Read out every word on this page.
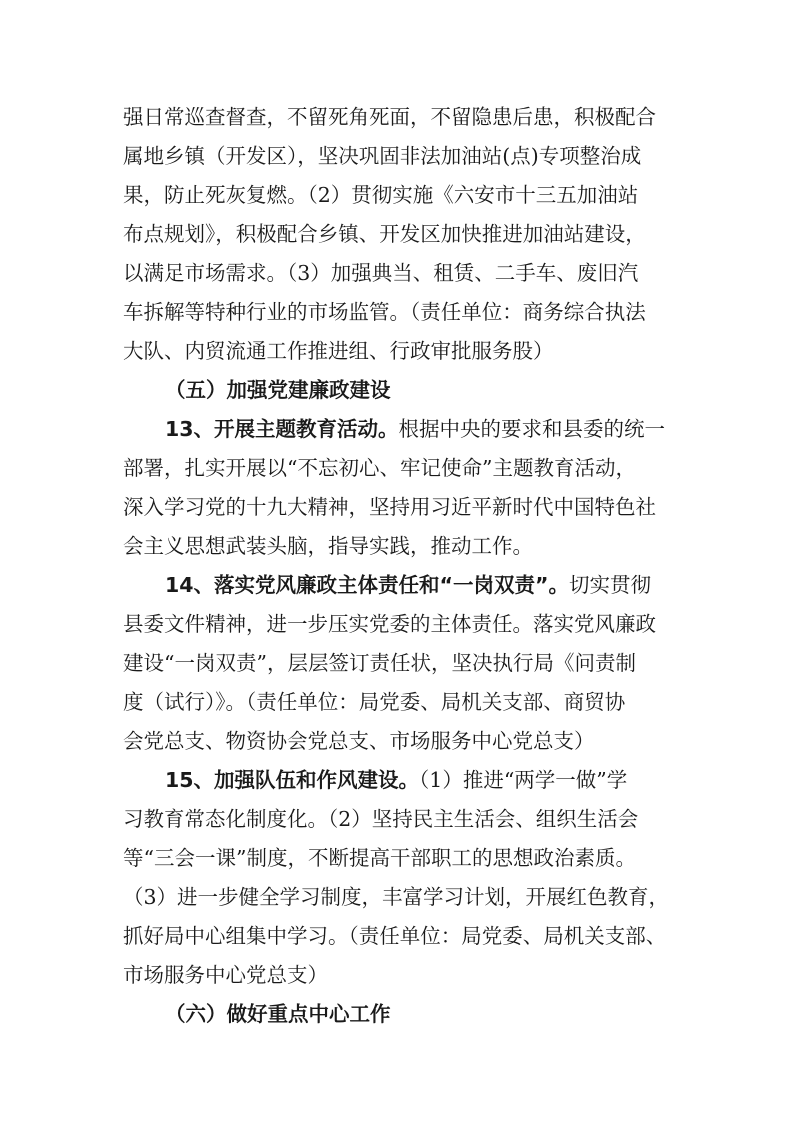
强日常巡查督查，不留死角死面，不留隐患后患，积极配合
属地乡镇（开发区），坚决巩固非法加油站(点)专项整治成
果，防止死灰复燃。（2）贯彻实施《六安市十三五加油站
布点规划》，积极配合乡镇、开发区加快推进加油站建设，
以满足市场需求。（3）加强典当、租赁、二手车、废旧汽
车拆解等特种行业的市场监管。（责任单位：商务综合执法
大队、内贸流通工作推进组、行政审批服务股）
（五）加强党建廉政建设
13、开展主题教育活动。根据中央的要求和县委的统一
部署，扎实开展以“不忘初心、牢记使命”主题教育活动，
深入学习党的十九大精神，坚持用习近平新时代中国特色社
会主义思想武装头脑，指导实践，推动工作。
14、落实党风廉政主体责任和“一岗双责”。切实贯彻
县委文件精神，进一步压实党委的主体责任。落实党风廉政
建设“一岗双责”，层层签订责任状，坚决执行局《问责制
度（试行）》。（责任单位：局党委、局机关支部、商贸协
会党总支、物资协会党总支、市场服务中心党总支）
15、加强队伍和作风建设。（1）推进“两学一做”学
习教育常态化制度化。（2）坚持民主生活会、组织生活会
等“三会一课”制度，不断提高干部职工的思想政治素质。
（3）进一步健全学习制度，丰富学习计划，开展红色教育，
抓好局中心组集中学习。（责任单位：局党委、局机关支部、
市场服务中心党总支）
（六）做好重点中心工作
